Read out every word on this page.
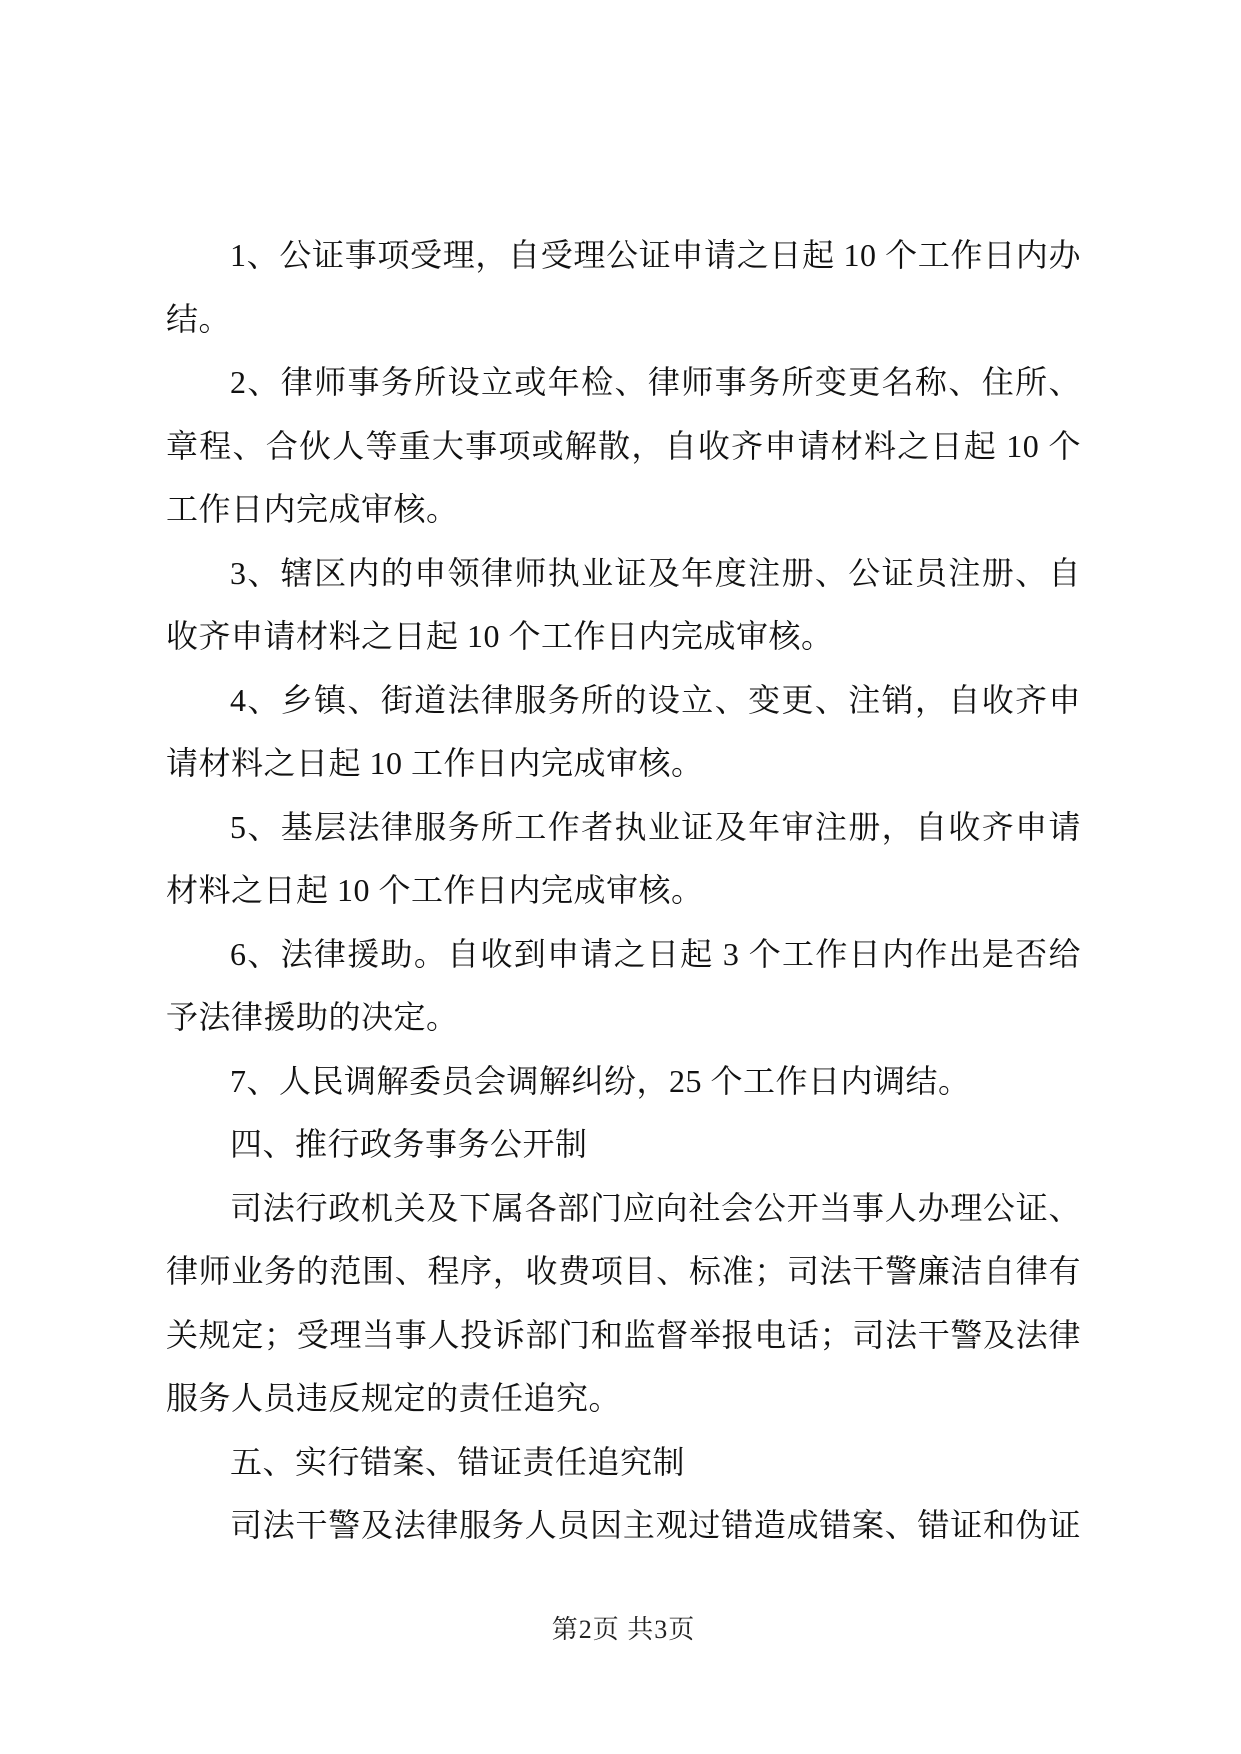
1、公证事项受理，自受理公证申请之日起 10 个工作日内办
结。
2、律师事务所设立或年检、律师事务所变更名称、住所、
章程、合伙人等重大事项或解散，自收齐申请材料之日起 10 个
工作日内完成审核。
3、辖区内的申领律师执业证及年度注册、公证员注册、自
收齐申请材料之日起 10 个工作日内完成审核。
4、乡镇、街道法律服务所的设立、变更、注销，自收齐申
请材料之日起 10 工作日内完成审核。
5、基层法律服务所工作者执业证及年审注册，自收齐申请
材料之日起 10 个工作日内完成审核。
6、法律援助。自收到申请之日起 3 个工作日内作出是否给
予法律援助的决定。
7、人民调解委员会调解纠纷，25 个工作日内调结。
四、推行政务事务公开制
司法行政机关及下属各部门应向社会公开当事人办理公证、
律师业务的范围、程序，收费项目、标准；司法干警廉洁自律有
关规定；受理当事人投诉部门和监督举报电话；司法干警及法律
服务人员违反规定的责任追究。
五、实行错案、错证责任追究制
司法干警及法律服务人员因主观过错造成错案、错证和伪证
第2页 共3页
